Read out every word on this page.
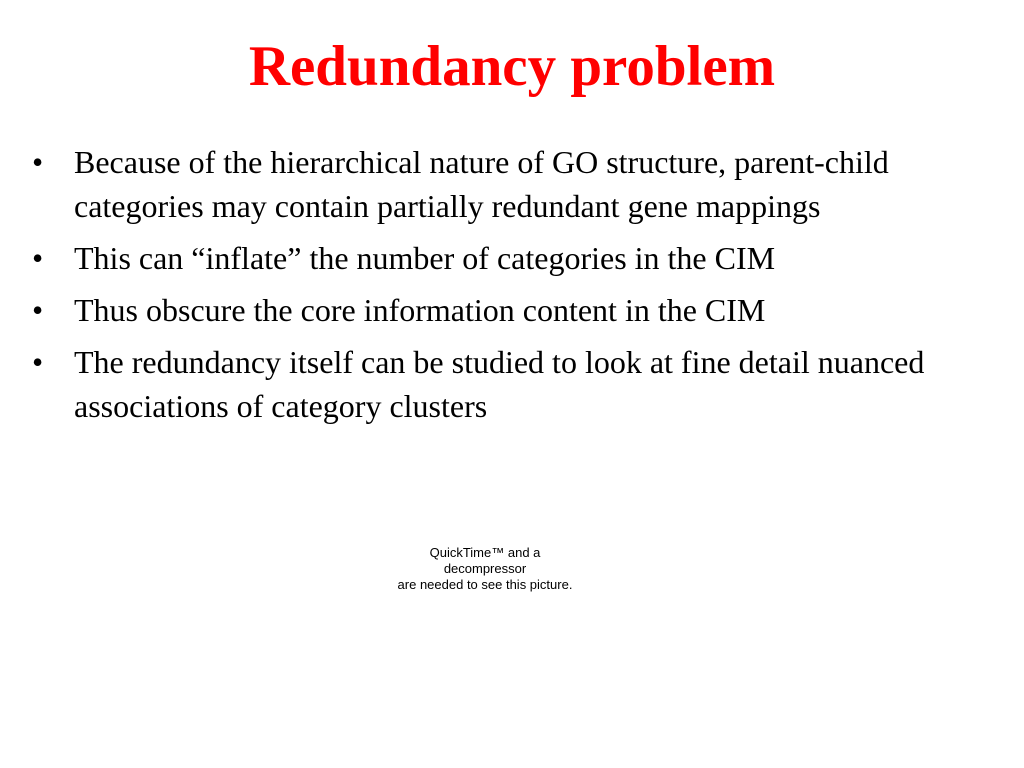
Redundancy problem
• Because of the hierarchical nature of GO structure, parent-child categories may contain partially redundant gene mappings
• This can “inflate” the number of categories in the CIM
• Thus obscure the core information content in the CIM
• The redundancy itself can be studied to look at fine detail nuanced associations of category clusters
QuickTime™ and a
decompressor
are needed to see this picture.
